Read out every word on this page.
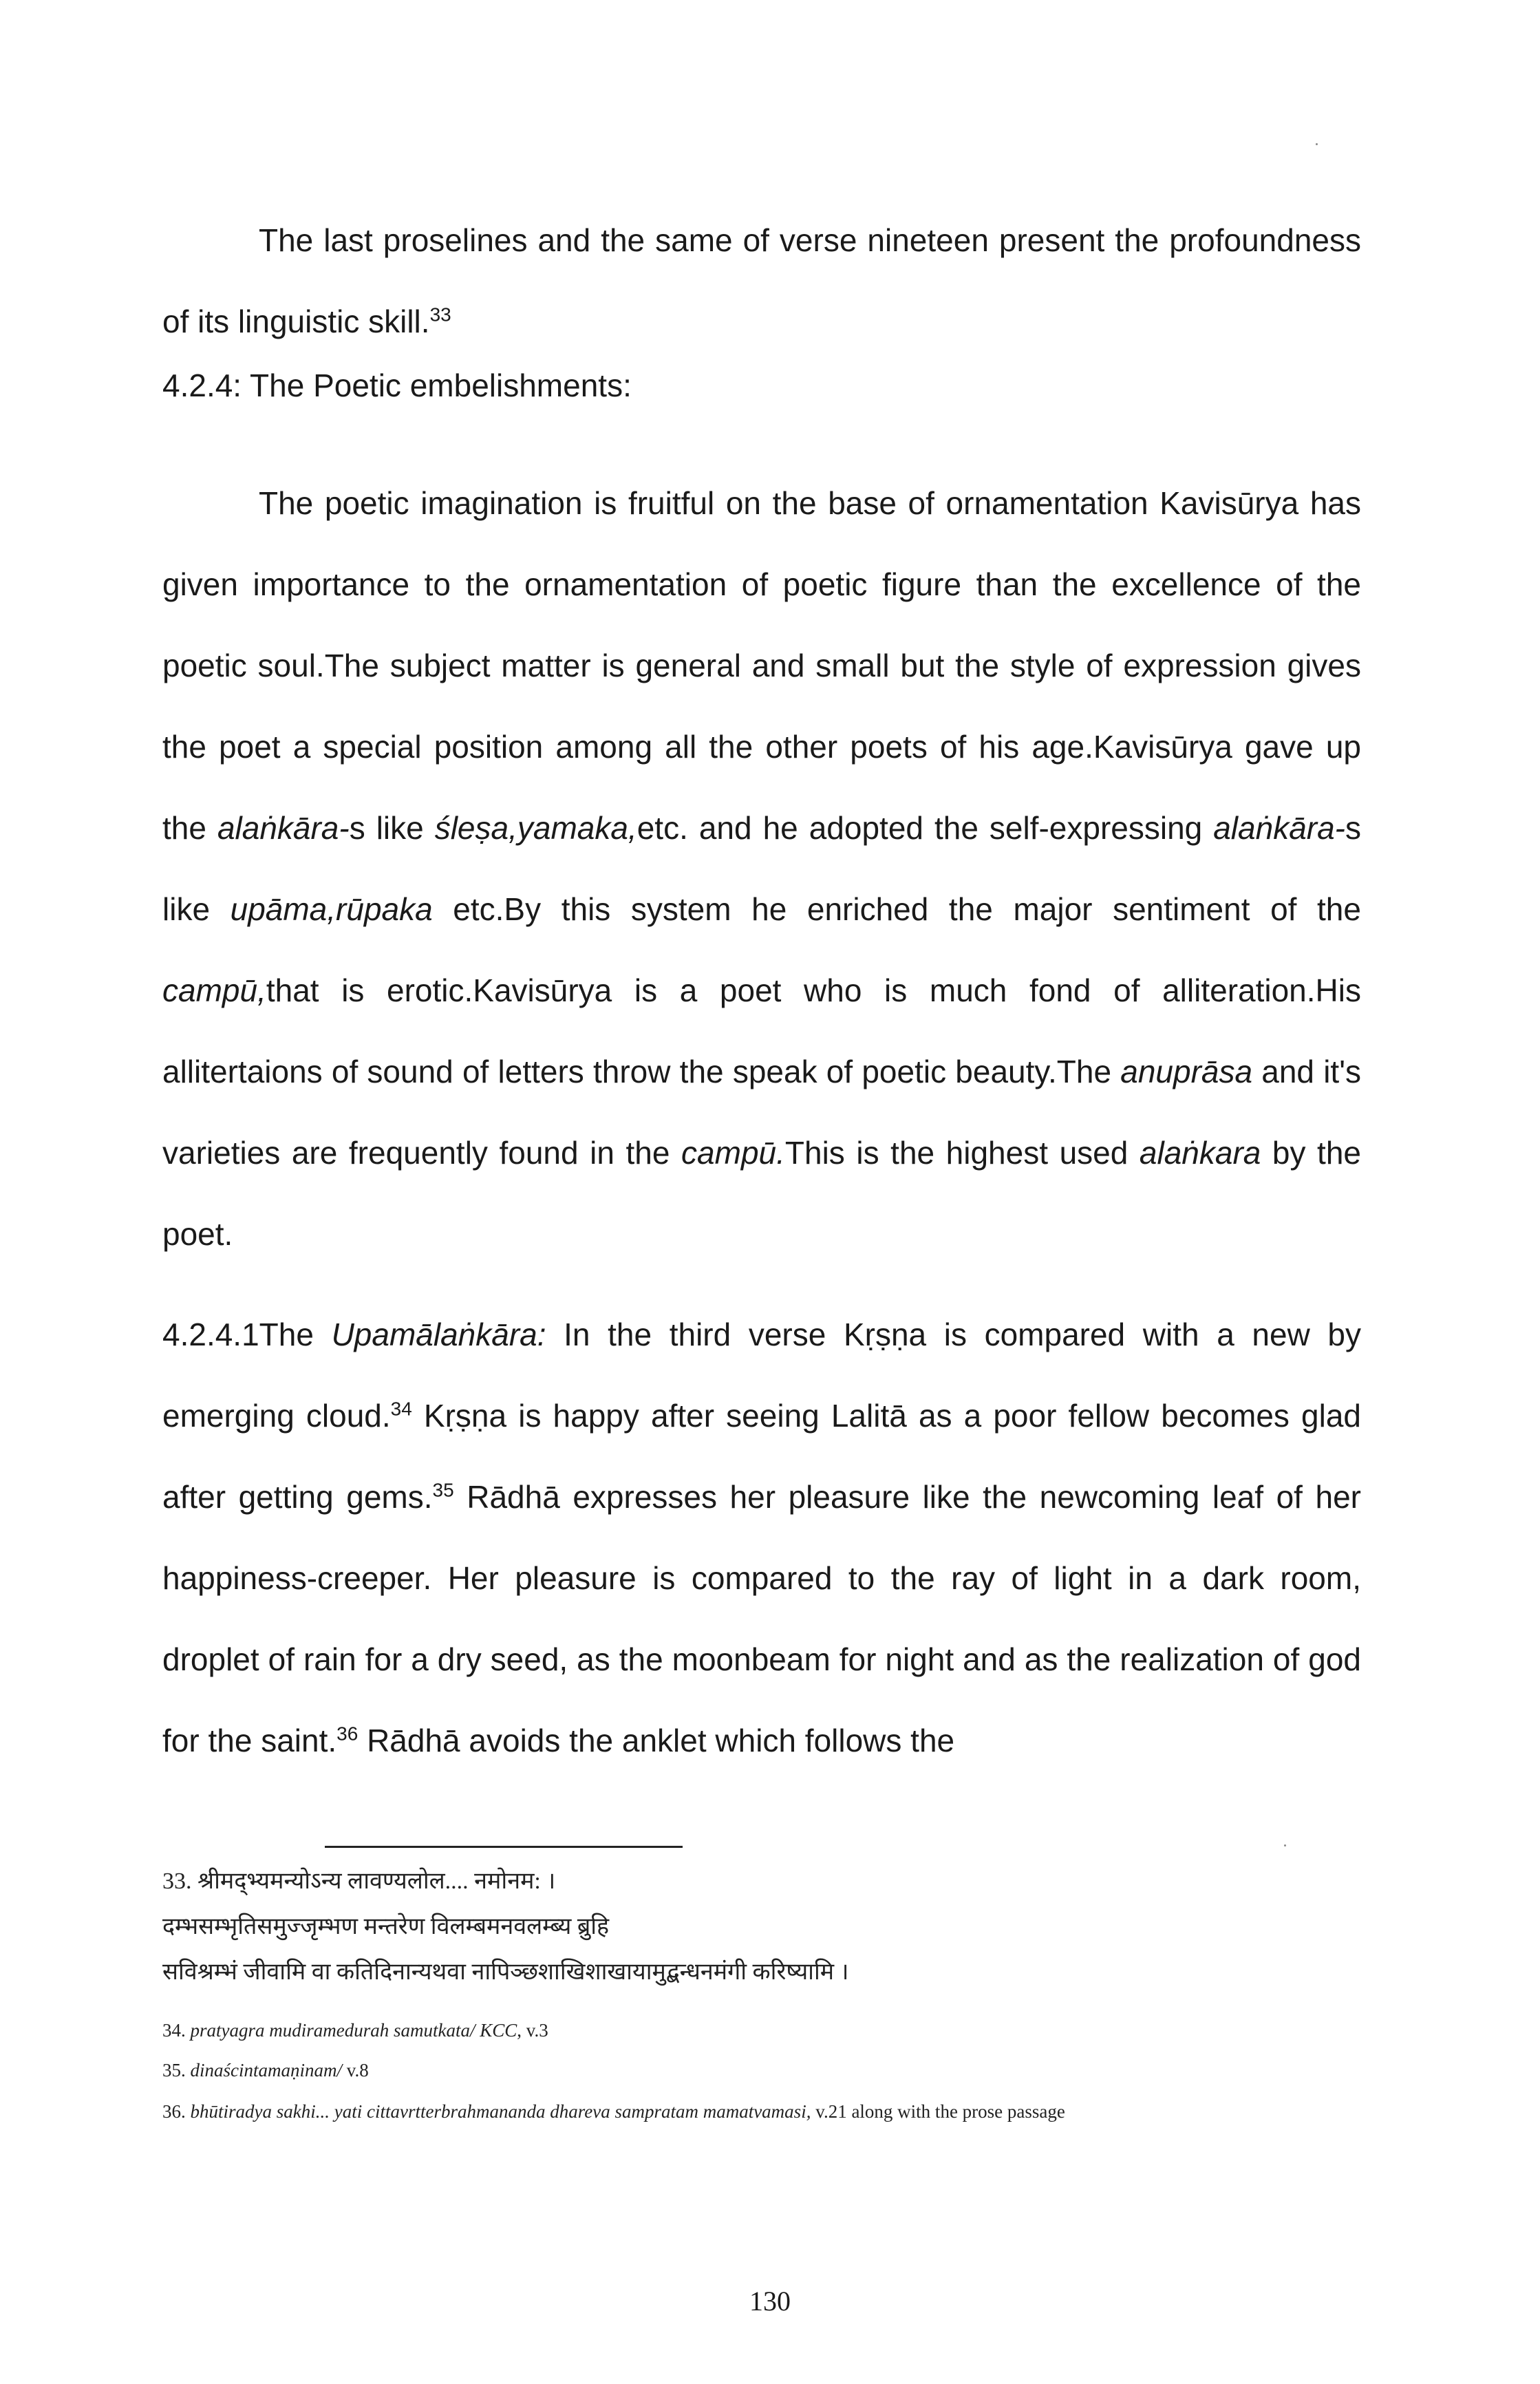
The last proselines and the same of verse nineteen present the profoundness of its linguistic skill.$^{33}$
4.2.4: The Poetic embelishments:
The poetic imagination is fruitful on the base of ornamentation Kavisūrya has given importance to the ornamentation of poetic figure than the excellence of the poetic soul.The subject matter is general and small but the style of expression gives the poet a special position among all the other poets of his age.Kavisūrya gave up the alaṅkāra-s like śleṣa,yamaka,etc. and he adopted the self-expressing alaṅkāra-s like upāma,rūpaka etc.By this system he enriched the major sentiment of the campū,that is erotic.Kavisūrya is a poet who is much fond of alliteration.His allitertaions of sound of letters throw the speak of poetic beauty.The anuprāsa and it's varieties are frequently found in the campū.This is the highest used alaṅkara by the poet.
4.2.4.1The Upamālaṅkāra: In the third verse Kṛṣṇa is compared with a new by emerging cloud.$^{34}$ Kṛṣṇa is happy after seeing Lalitā as a poor fellow becomes glad after getting gems.$^{35}$ Rādhā expresses her pleasure like the newcoming leaf of her happiness-creeper. Her pleasure is compared to the ray of light in a dark room, droplet of rain for a dry seed, as the moonbeam for night and as the realization of god for the saint.$^{36}$ Rādhā avoids the anklet which follows the
33. श्रीमद्भ्यमन्योऽन्य लावण्यलोल.... नमोनम: ।
दम्भसम्भृतिसमुज्जृम्भण मन्तरेण विलम्बमनवलम्ब्य ब्रुहि
सविश्रम्भं जीवामि वा कतिदिनान्यथवा नापिञ्छशाखिशाखायामुद्बन्धनमंगी करिष्यामि ।
34. pratyagra mudiramedurah samutkata/ KCC, v.3
35. dinaścintamaṇinam/ v.8
36. bhūtiradya sakhi... yati cittavrtterbrahmananda dhareva sampratam mamatvamasi, v.21 along with the prose passage
130
